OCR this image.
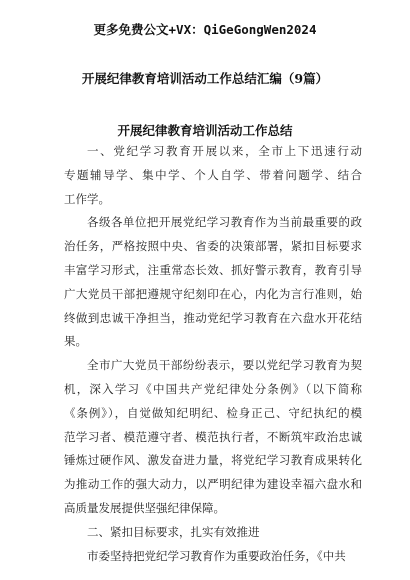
更多免费公文+VX：QiGeGongWen2024
开展纪律教育培训活动工作总结汇编（9篇）
开展纪律教育培训活动工作总结
一、党纪学习教育开展以来，全市上下迅速行动
专题辅导学、集中学、个人自学、带着问题学、结合
工作学。
各级各单位把开展党纪学习教育作为当前最重要的政
治任务，严格按照中央、省委的决策部署，紧扣目标要求
丰富学习形式，注重常态长效、抓好警示教育，教育引导
广大党员干部把遵规守纪刻印在心，内化为言行准则，始
终做到忠诚干净担当，推动党纪学习教育在六盘水开花结
果。
全市广大党员干部纷纷表示，要以党纪学习教育为契
机，深入学习《中国共产党纪律处分条例》（以下简称
《条例》），自觉做知纪明纪、检身正己、守纪执纪的模
范学习者、模范遵守者、模范执行者，不断筑牢政治忠诚
锤炼过硬作风、激发奋进力量，将党纪学习教育成果转化
为推动工作的强大动力，以严明纪律为建设幸福六盘水和
高质量发展提供坚强纪律保障。
二、紧扣目标要求，扎实有效推进
市委坚持把党纪学习教育作为重要政治任务，《中共
